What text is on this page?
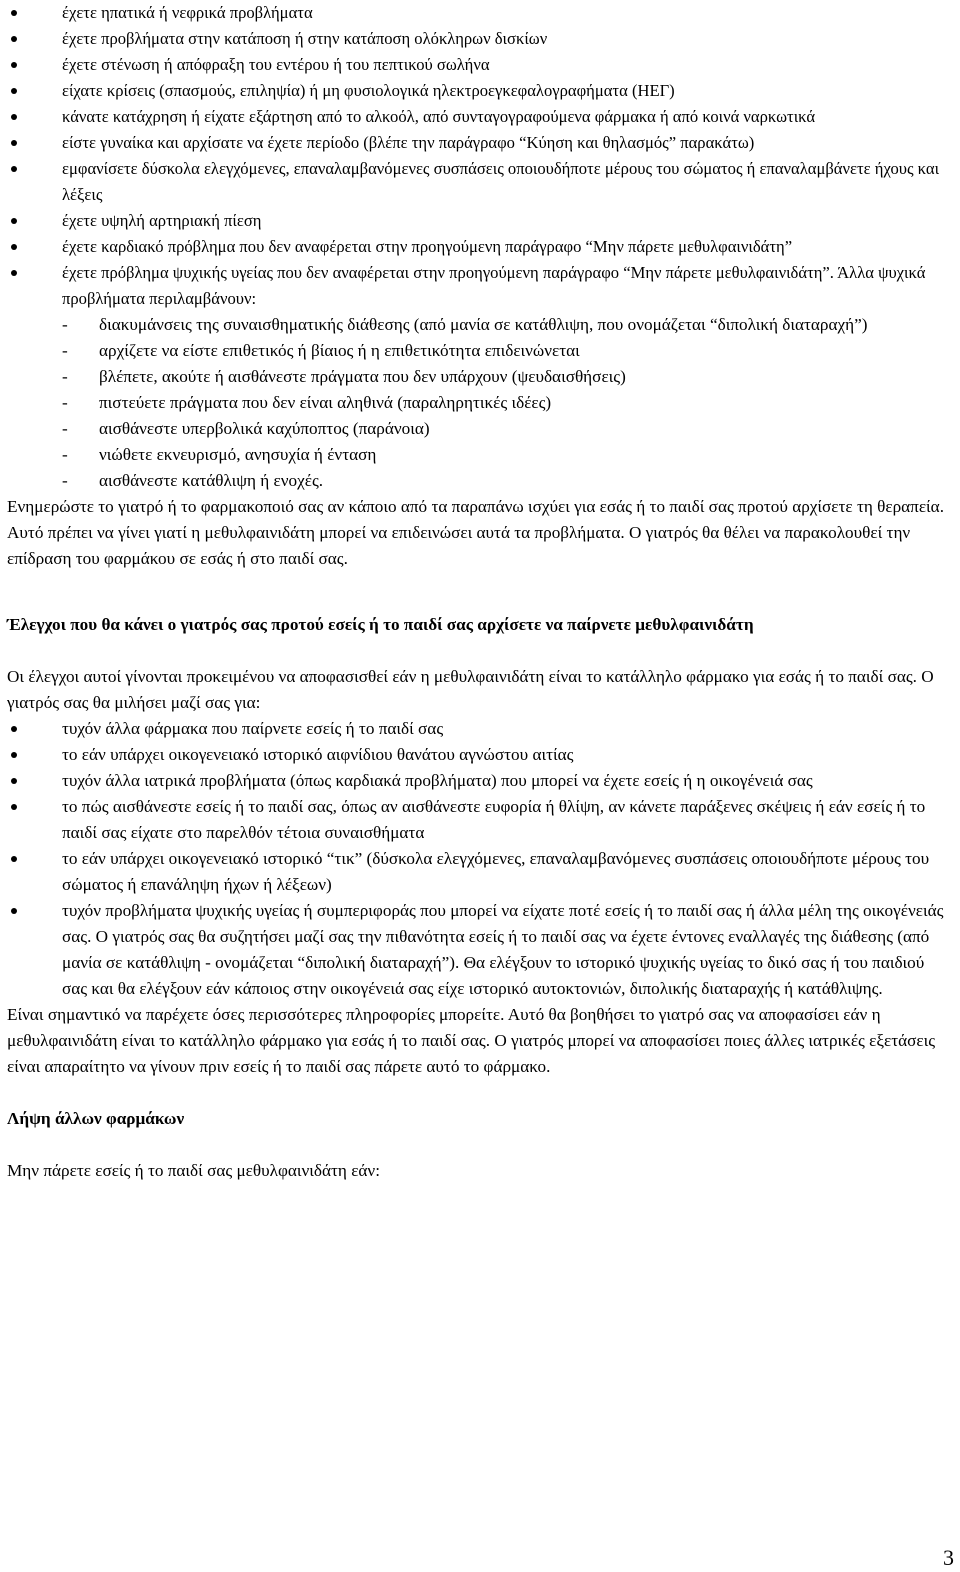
έχετε ηπατικά ή νεφρικά προβλήματα
έχετε προβλήματα στην κατάποση ή στην κατάποση ολόκληρων δισκίων
έχετε στένωση ή απόφραξη του εντέρου ή του πεπτικού σωλήνα
είχατε κρίσεις (σπασμούς, επιληψία) ή μη φυσιολογικά ηλεκτροεγκεφαλογραφήματα (ΗΕΓ)
κάνατε κατάχρηση ή είχατε εξάρτηση από το αλκοόλ, από συνταγογραφούμενα φάρμακα ή από κοινά ναρκωτικά
είστε γυναίκα και αρχίσατε να έχετε περίοδο (βλέπε την παράγραφο “Κύηση και θηλασμός” παρακάτω)
εμφανίσετε δύσκολα ελεγχόμενες, επαναλαμβανόμενες συσπάσεις οποιουδήποτε μέρους του σώματος ή επαναλαμβάνετε ήχους και λέξεις
έχετε υψηλή αρτηριακή πίεση
έχετε καρδιακό πρόβλημα που δεν αναφέρεται στην προηγούμενη παράγραφο “Μην πάρετε μεθυλφαινιδάτη”
έχετε πρόβλημα ψυχικής υγείας που δεν αναφέρεται στην προηγούμενη παράγραφο “Μην πάρετε μεθυλφαινιδάτη”. Άλλα ψυχικά προβλήματα περιλαμβάνουν:
- διακυμάνσεις της συναισθηματικής διάθεσης (από μανία σε κατάθλιψη, που ονομάζεται “διπολική διαταραχή”)
- αρχίζετε να είστε επιθετικός ή βίαιος ή η επιθετικότητα επιδεινώνεται
- βλέπετε, ακούτε ή αισθάνεστε πράγματα που δεν υπάρχουν (ψευδαισθήσεις)
- πιστεύετε πράγματα που δεν είναι αληθινά (παραληρητικές ιδέες)
- αισθάνεστε υπερβολικά καχύποπτος (παράνοια)
- νιώθετε εκνευρισμό, ανησυχία ή ένταση
- αισθάνεστε κατάθλιψη ή ενοχές.

Ενημερώστε το γιατρό ή το φαρμακοποιό σας αν κάποιο από τα παραπάνω ισχύει για εσάς ή το παιδί σας προτού αρχίσετε τη θεραπεία. Αυτό πρέπει να γίνει γιατί η μεθυλφαινιδάτη μπορεί να επιδεινώσει αυτά τα προβλήματα. Ο γιατρός θα θέλει να παρακολουθεί την επίδραση του φαρμάκου σε εσάς ή στο παιδί σας.

Έλεγχοι που θα κάνει ο γιατρός σας προτού εσείς ή το παιδί σας αρχίσετε να παίρνετε μεθυλφαινιδάτη

Οι έλεγχοι αυτοί γίνονται προκειμένου να αποφασισθεί εάν η μεθυλφαινιδάτη είναι το κατάλληλο φάρμακο για εσάς ή το παιδί σας. Ο γιατρός σας θα μιλήσει μαζί σας για:

τυχόν άλλα φάρμακα που παίρνετε εσείς ή το παιδί σας
το εάν υπάρχει οικογενειακό ιστορικό αιφνίδιου θανάτου αγνώστου αιτίας
τυχόν άλλα ιατρικά προβλήματα (όπως καρδιακά προβλήματα) που μπορεί να έχετε εσείς ή η οικογένειά σας
το πώς αισθάνεστε εσείς ή το παιδί σας, όπως αν αισθάνεστε ευφορία ή θλίψη, αν κάνετε παράξενες σκέψεις ή εάν εσείς ή το παιδί σας είχατε στο παρελθόν τέτοια συναισθήματα
το εάν υπάρχει οικογενειακό ιστορικό “τικ” (δύσκολα ελεγχόμενες, επαναλαμβανόμενες συσπάσεις οποιουδήποτε μέρους του σώματος ή επανάληψη ήχων ή λέξεων)
τυχόν προβλήματα ψυχικής υγείας ή συμπεριφοράς που μπορεί να είχατε ποτέ εσείς ή το παιδί σας ή άλλα μέλη της οικογένειάς σας. Ο γιατρός σας θα συζητήσει μαζί σας την πιθανότητα εσείς ή το παιδί σας να έχετε έντονες εναλλαγές της διάθεσης (από μανία σε κατάθλιψη - ονομάζεται “διπολική διαταραχή”). Θα ελέγξουν το ιστορικό ψυχικής υγείας το δικό σας ή του παιδιού σας και θα ελέγξουν εάν κάποιος στην οικογένειά σας είχε ιστορικό αυτοκτονιών, διπολικής διαταραχής ή κατάθλιψης.

Είναι σημαντικό να παρέχετε όσες περισσότερες πληροφορίες μπορείτε. Αυτό θα βοηθήσει το γιατρό σας να αποφασίσει εάν η μεθυλφαινιδάτη είναι το κατάλληλο φάρμακο για εσάς ή το παιδί σας. Ο γιατρός μπορεί να αποφασίσει ποιες άλλες ιατρικές εξετάσεις είναι απαραίτητο να γίνουν πριν εσείς ή το παιδί σας πάρετε αυτό το φάρμακο.

Λήψη άλλων φαρμάκων

Μην πάρετε εσείς ή το παιδί σας μεθυλφαινιδάτη εάν:

3
